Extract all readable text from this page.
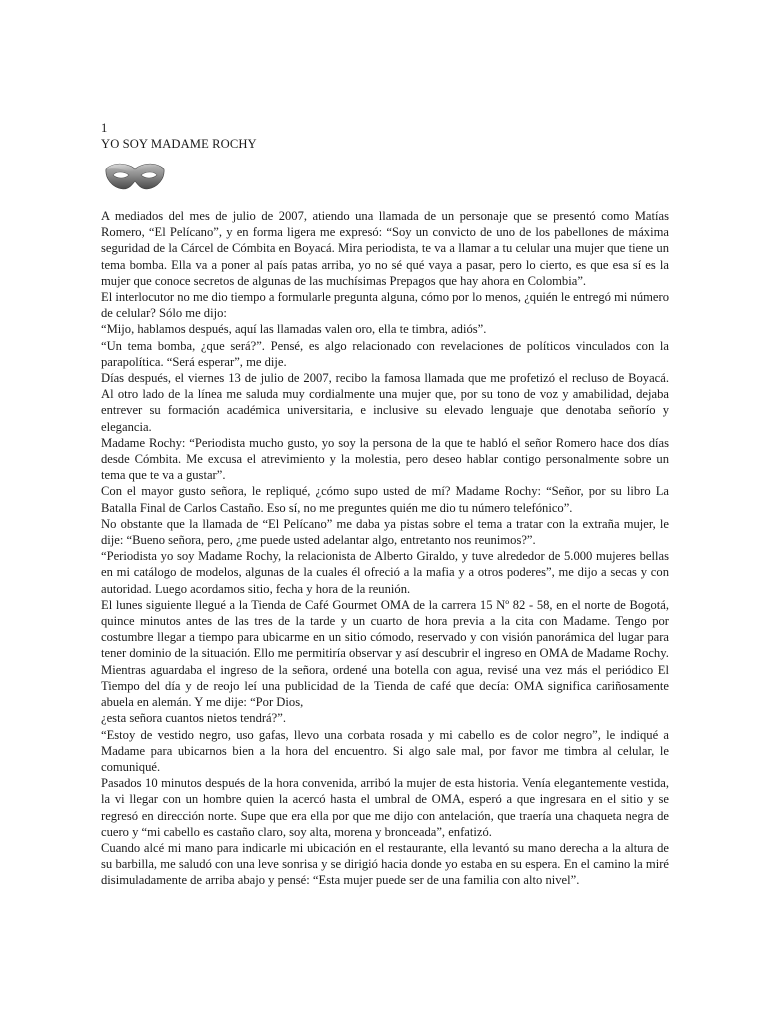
1
YO SOY MADAME ROCHY

A mediados del mes de julio de 2007, atiendo una llamada de un personaje que se presentó como Matías Romero, “El Pelícano”, y en forma ligera me expresó: “Soy un convicto de uno de los pabellones de máxima seguridad de la Cárcel de Cómbita en Boyacá. Mira periodista, te va a llamar a tu celular una mujer que tiene un tema bomba. Ella va a poner al país patas arriba, yo no sé qué vaya a pasar, pero lo cierto, es que esa sí es la mujer que conoce secretos de algunas de las muchísimas Prepagos que hay ahora en Colombia”.

El interlocutor no me dio tiempo a formularle pregunta alguna, cómo por lo menos, ¿quién le entregó mi número de celular? Sólo me dijo:

“Mijo, hablamos después, aquí las llamadas valen oro, ella te timbra, adiós”.

“Un tema bomba, ¿que será?”. Pensé, es algo relacionado con revelaciones de políticos vinculados con la parapolítica. “Será esperar”, me dije.

Días después, el viernes 13 de julio de 2007, recibo la famosa llamada que me profetizó el recluso de Boyacá. Al otro lado de la línea me saluda muy cordialmente una mujer que, por su tono de voz y amabilidad, dejaba entrever su formación académica universitaria, e inclusive su elevado lenguaje que denotaba señorío y elegancia.

Madame Rochy: “Periodista mucho gusto, yo soy la persona de la que te habló el señor Romero hace dos días desde Cómbita. Me excusa el atrevimiento y la molestia, pero deseo hablar contigo personalmente sobre un tema que te va a gustar”.

Con el mayor gusto señora, le repliqué, ¿cómo supo usted de mí? Madame Rochy: “Señor, por su libro La Batalla Final de Carlos Castaño. Eso sí, no me preguntes quién me dio tu número telefónico”.

No obstante que la llamada de “El Pelícano” me daba ya pistas sobre el tema a tratar con la extraña mujer, le dije: “Bueno señora, pero, ¿me puede usted adelantar algo, entretanto nos reunimos?”.

“Periodista yo soy Madame Rochy, la relacionista de Alberto Giraldo, y tuve alrededor de 5.000 mujeres bellas en mi catálogo de modelos, algunas de la cuales él ofreció a la mafia y a otros poderes”, me dijo a secas y con autoridad. Luego acordamos sitio, fecha y hora de la reunión.

El lunes siguiente llegué a la Tienda de Café Gourmet OMA de la carrera 15 Nº 82 - 58, en el norte de Bogotá, quince minutos antes de las tres de la tarde y un cuarto de hora previa a la cita con Madame. Tengo por costumbre llegar a tiempo para ubicarme en un sitio cómodo, reservado y con visión panorámica del lugar para tener dominio de la situación. Ello me permitiría observar y así descubrir el ingreso en OMA de Madame Rochy.

Mientras aguardaba el ingreso de la señora, ordené una botella con agua, revisé una vez más el periódico El Tiempo del día y de reojo leí una publicidad de la Tienda de café que decía: OMA significa cariñosamente abuela en alemán. Y me dije: “Por Dios,

¿esta señora cuantos nietos tendrá?”.

“Estoy de vestido negro, uso gafas, llevo una corbata rosada y mi cabello es de color negro”, le indiqué a Madame para ubicarnos bien a la hora del encuentro. Si algo sale mal, por favor me timbra al celular, le comuniqué.

Pasados 10 minutos después de la hora convenida, arribó la mujer de esta historia. Venía elegantemente vestida, la vi llegar con un hombre quien la acercó hasta el umbral de OMA, esperó a que ingresara en el sitio y se regresó en dirección norte. Supe que era ella por que me dijo con antelación, que traería una chaqueta negra de cuero y “mi cabello es castaño claro, soy alta, morena y bronceada”, enfatizó.

Cuando alcé mi mano para indicarle mi ubicación en el restaurante, ella levantó su mano derecha a la altura de su barbilla, me saludó con una leve sonrisa y se dirigió hacia donde yo estaba en su espera. En el camino la miré disimuladamente de arriba abajo y pensé: “Esta mujer puede ser de una familia con alto nivel”.
